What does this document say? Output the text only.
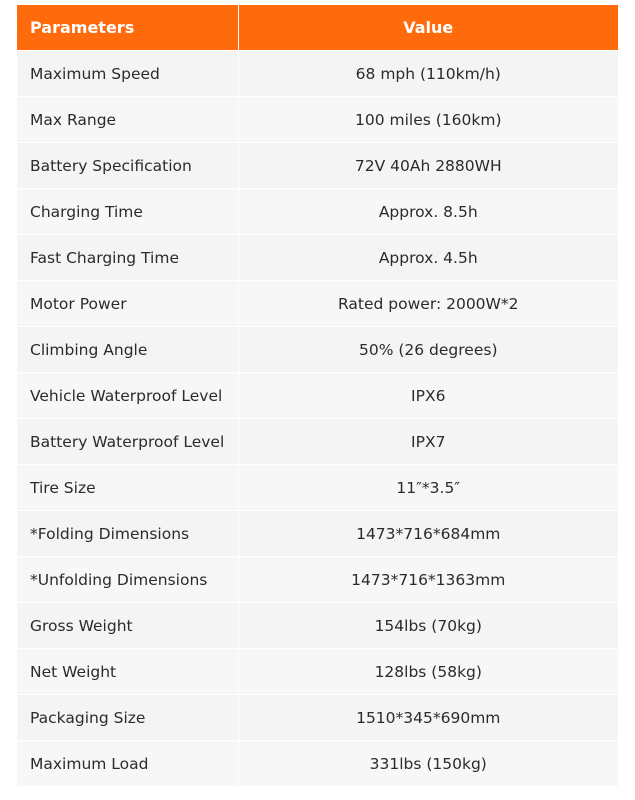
Parameters	Value
Maximum Speed	68 mph (110km/h)
Max Range	100 miles (160km)
Battery Specification	72V 40Ah 2880WH
Charging Time	Approx. 8.5h
Fast Charging Time	Approx. 4.5h
Motor Power	Rated power: 2000W*2
Climbing Angle	50% (26 degrees)
Vehicle Waterproof Level	IPX6
Battery Waterproof Level	IPX7
Tire Size	11″*3.5″
*Folding Dimensions	1473*716*684mm
*Unfolding Dimensions	1473*716*1363mm
Gross Weight	154lbs (70kg)
Net Weight	128lbs (58kg)
Packaging Size	1510*345*690mm
Maximum Load	331lbs (150kg)
